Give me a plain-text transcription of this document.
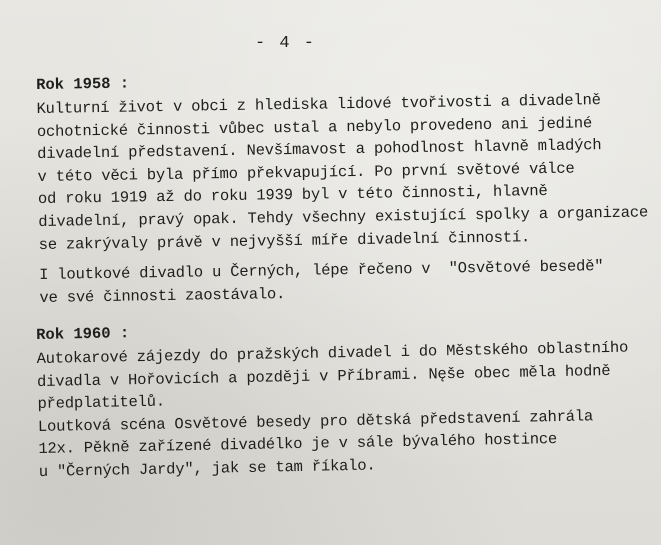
- 4 -
Rok 1958 :
Kulturní život v obci z hlediska lidové tvořivosti a divadelně
ochotnické činnosti vůbec ustal a nebylo provedeno ani jediné
divadelní představení. Nevšímavost a pohodlnost hlavně mladých
v této věci byla přímo překvapující. Po první světové válce
od roku 1919 až do roku 1939 byl v této činnosti, hlavně
divadelní, pravý opak. Tehdy všechny existující spolky a organizace
se zakrývaly právě v nejvyšší míře divadelní činností.
I loutkové divadlo u Černých, lépe řečeno v  "Osvětové besedě"
ve své činnosti zaostávalo.
Rok 1960 :
Autokarové zájezdy do pražských divadel i do Městského oblastního
divadla v Hořovicích a později v Příbrami. Nęše obec měla hodně
předplatitelů.
Loutková scéna Osvětové besedy pro dětská představení zahrála
12x. Pěkně zařízené divadélko je v sále bývalého hostince
u "Černých Jardy", jak se tam říkalo.
